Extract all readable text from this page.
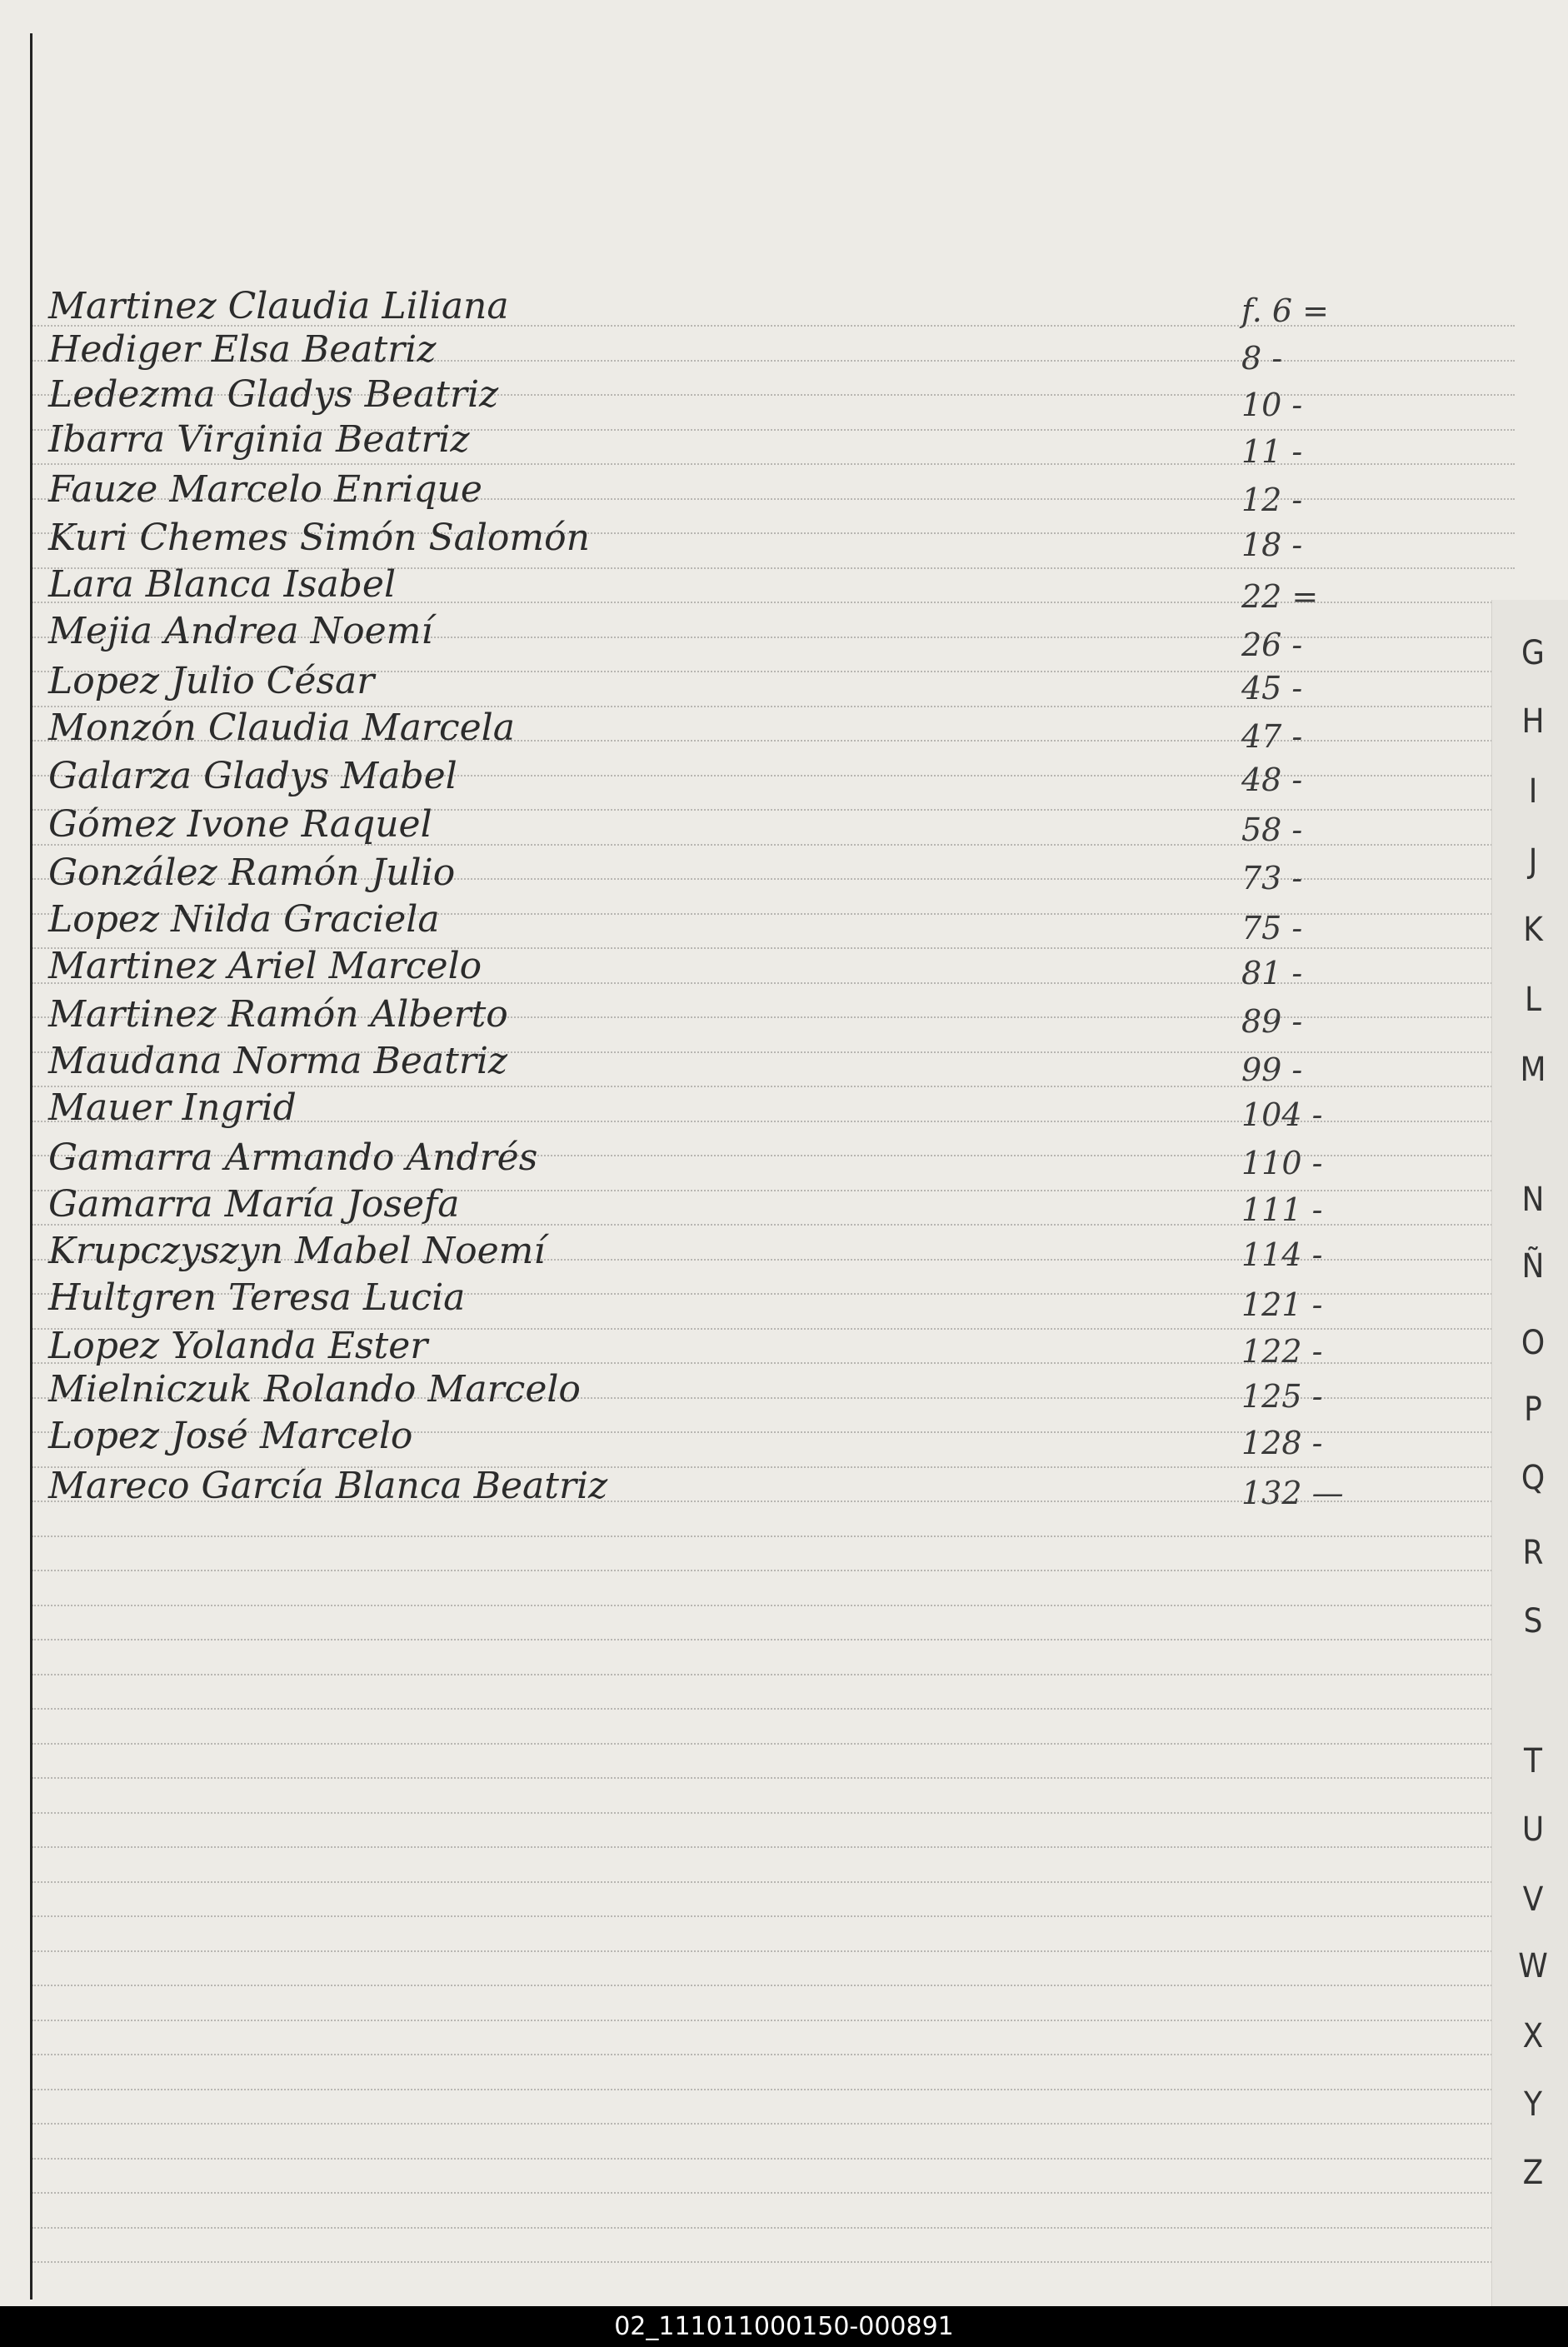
Martinez Claudia Liliana	f. 6 =
Hediger Elsa Beatriz	8 -
Ledezma Gladys Beatriz	10 -
Ibarra Virginia Beatriz	11 -
Fauze Marcelo Enrique	12 -
Kuri Chemes Simón Salomón	18 -
Lara Blanca Isabel	22 =
Mejia Andrea Noemí	26 -
Lopez Julio César	45 -
Monzón Claudia Marcela	47 -
Galarza Gladys Mabel	48 -
Gómez Ivone Raquel	58 -
González Ramón Julio	73 -
Lopez Nilda Graciela	75 -
Martinez Ariel Marcelo	81 -
Martinez Ramón Alberto	89 -
Maudana Norma Beatriz	99 -
Mauer Ingrid	104 -
Gamarra Armando Andrés	110 -
Gamarra María Josefa	111 -
Krupczyszyn Mabel Noemí	114 -
Hultgren Teresa Lucia	121 -
Lopez Yolanda Ester	122 -
Mielniczuk Rolando Marcelo	125 -
Lopez José Marcelo	128 -
Mareco García Blanca Beatriz	132 —
G
H
I
J
K
L
M
N
Ñ
O
P
Q
R
S
T
U
V
W
X
Y
Z
02_111011000150-000891
